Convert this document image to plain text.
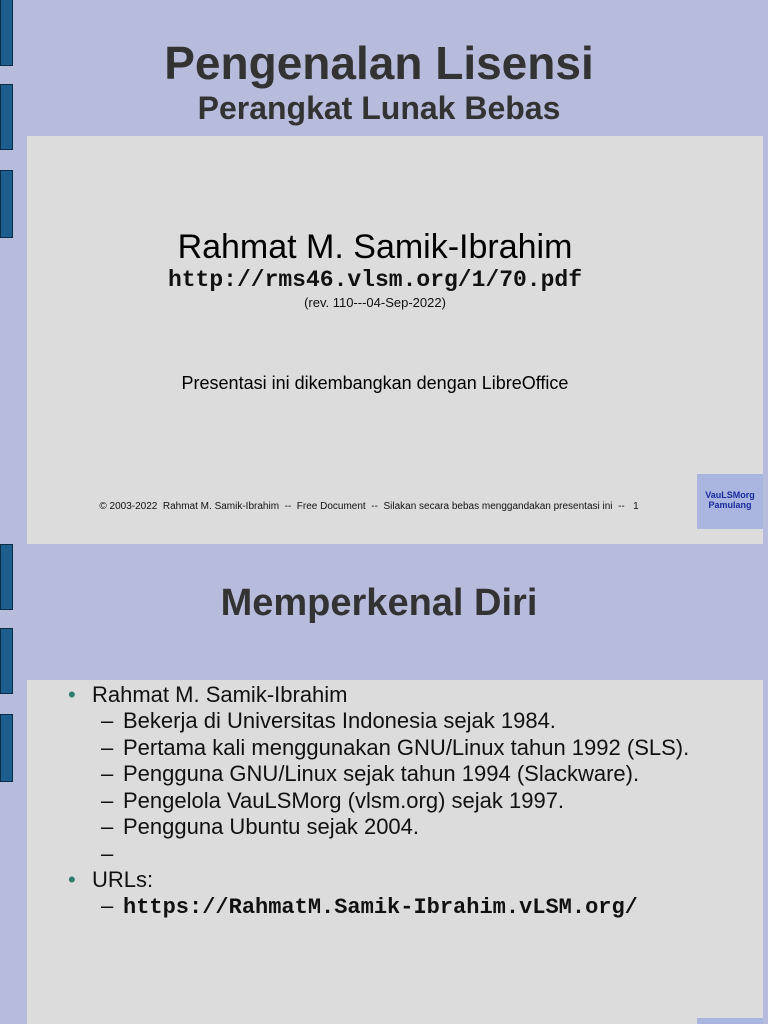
Pengenalan Lisensi
Perangkat Lunak Bebas
Rahmat M. Samik-Ibrahim
http://rms46.vlsm.org/1/70.pdf
(rev. 110---04-Sep-2022)
Presentasi ini dikembangkan dengan LibreOffice
© 2003-2022  Rahmat M. Samik-Ibrahim  --  Free Document  --  Silakan secara bebas menggandakan presentasi ini  --   1
VauLSMorg
Pamulang
Memperkenal Diri
• Rahmat M. Samik-Ibrahim
– Bekerja di Universitas Indonesia sejak 1984.
– Pertama kali menggunakan GNU/Linux tahun 1992 (SLS).
– Pengguna GNU/Linux sejak tahun 1994 (Slackware).
– Pengelola VauLSMorg (vlsm.org) sejak 1997.
– Pengguna Ubuntu sejak 2004.
–
• URLs:
– https://RahmatM.Samik-Ibrahim.vLSM.org/
